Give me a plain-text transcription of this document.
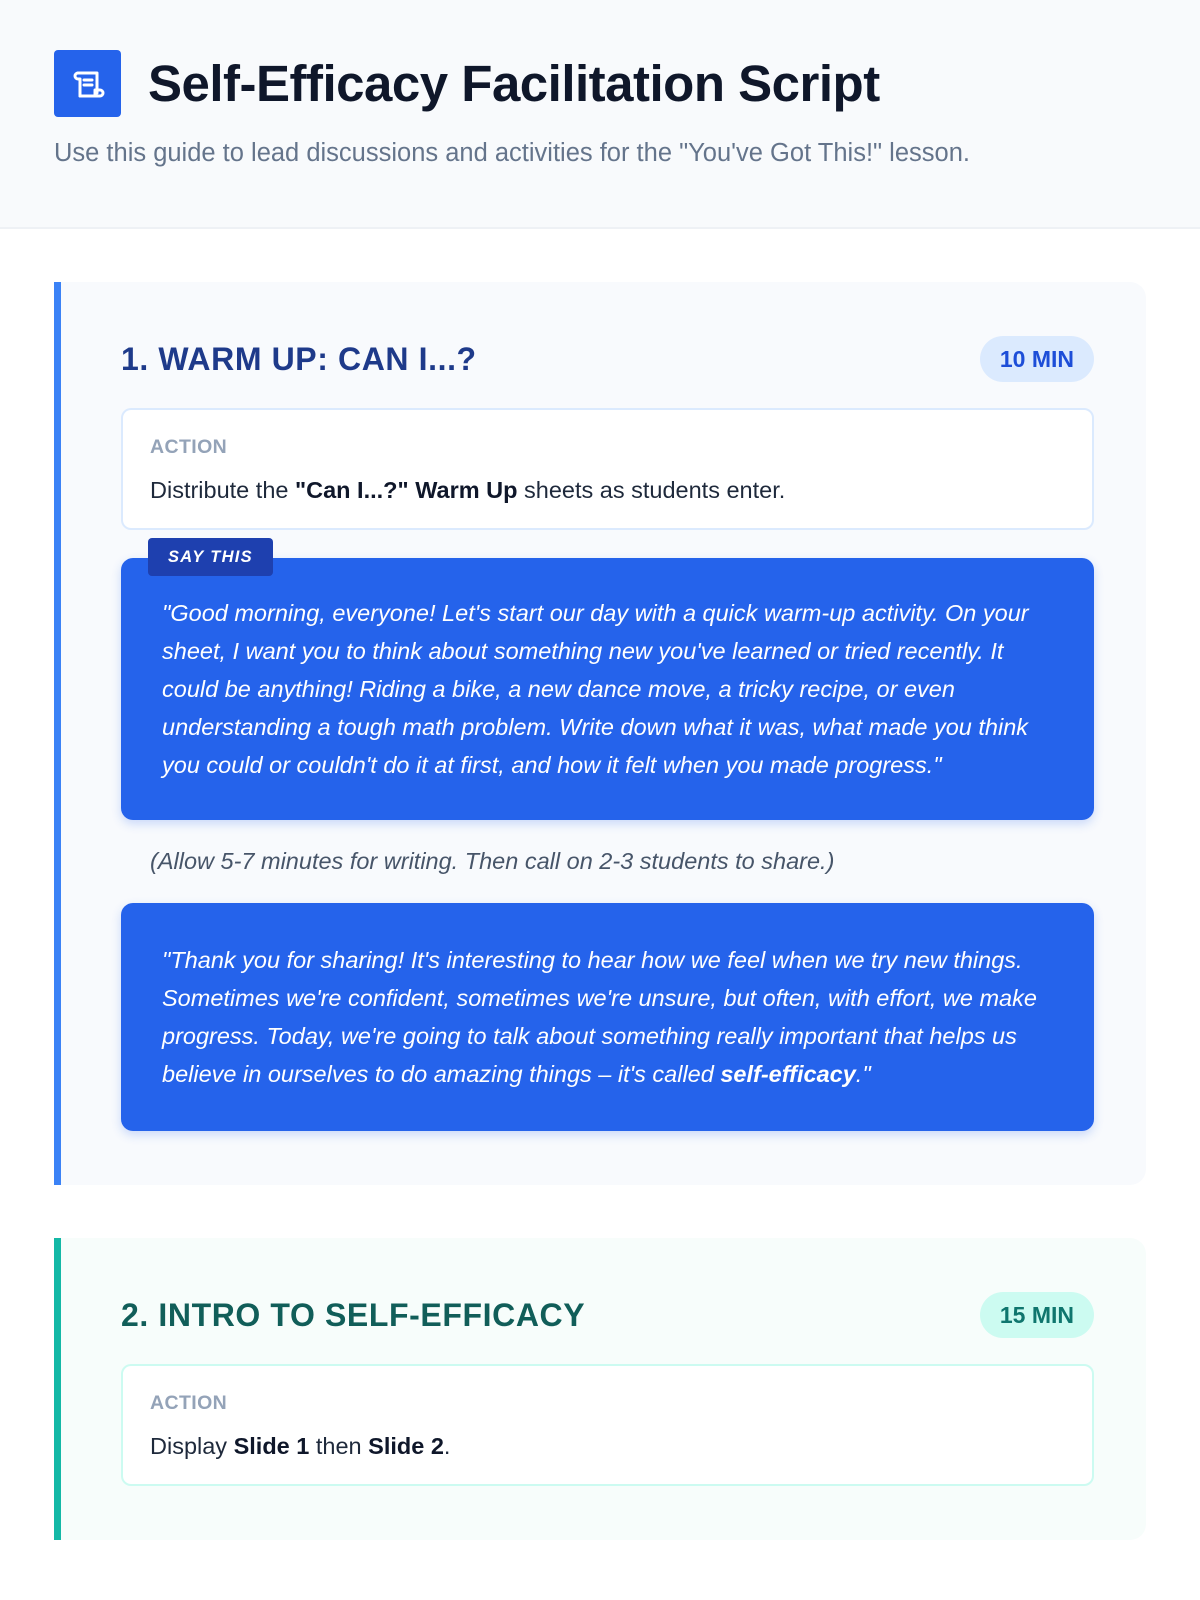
Self-Efficacy Facilitation Script

Use this guide to lead discussions and activities for the "You've Got This!" lesson.

1. WARM UP: CAN I...?	10 MIN
ACTION

Distribute the "Can I...?" Warm Up sheets as students enter.

SAY THIS
"Good morning, everyone! Let's start our day with a quick warm-up activity. On your sheet, I want you to think about something new you've learned or tried recently. It could be anything! Riding a bike, a new dance move, a tricky recipe, or even understanding a tough math problem. Write down what it was, what made you think you could or couldn't do it at first, and how it felt when you made progress."

(Allow 5-7 minutes for writing. Then call on 2-3 students to share.)

"Thank you for sharing! It's interesting to hear how we feel when we try new things. Sometimes we're confident, sometimes we're unsure, but often, with effort, we make progress. Today, we're going to talk about something really important that helps us believe in ourselves to do amazing things – it's called self-efficacy."
2. INTRO TO SELF-EFFICACY	15 MIN
ACTION

Display Slide 1 then Slide 2.
